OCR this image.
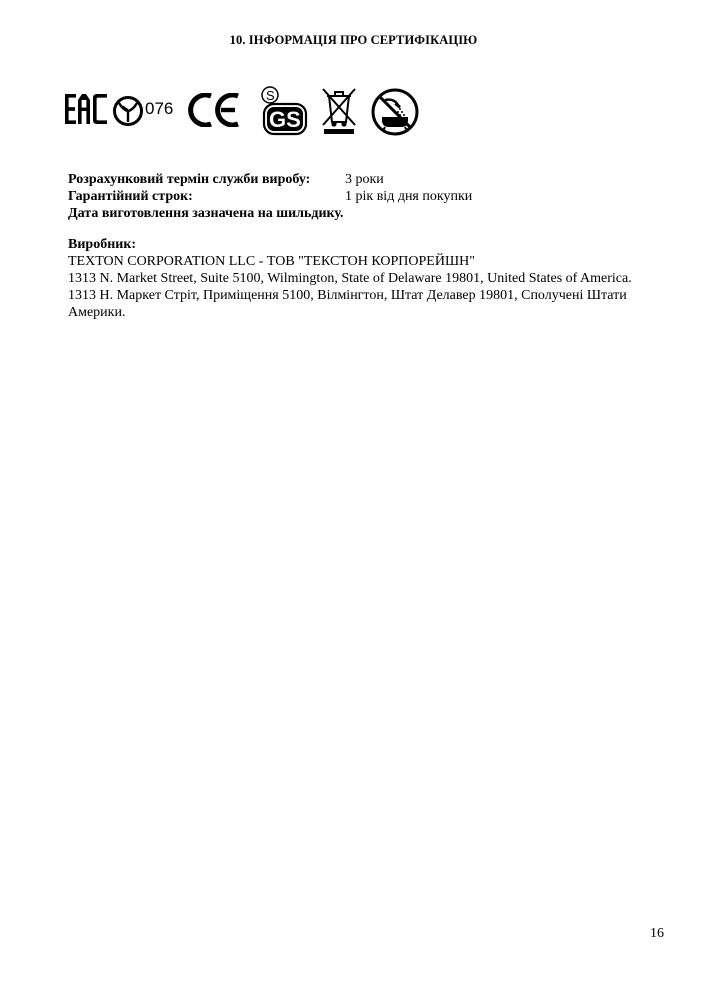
10. ІНФОРМАЦІЯ ПРО СЕРТИФІКАЦІЮ
076
S
GS
Розрахунковий термін служби виробу: 3 роки
Гарантійний строк:	1 рік від дня покупки
Дата виготовлення зазначена на шильдику.
Виробник:
TEXTON CORPORATION LLC - ТОВ "ТЕКСТОН КОРПОРЕЙШН"
1313 N. Market Street, Suite 5100, Wilmington, State of Delaware 19801, United States of America.
1313 Н. Маркет Стріт, Приміщення 5100, Вілмінгтон, Штат Делавер 19801, Сполучені Штати
Америки.
16
